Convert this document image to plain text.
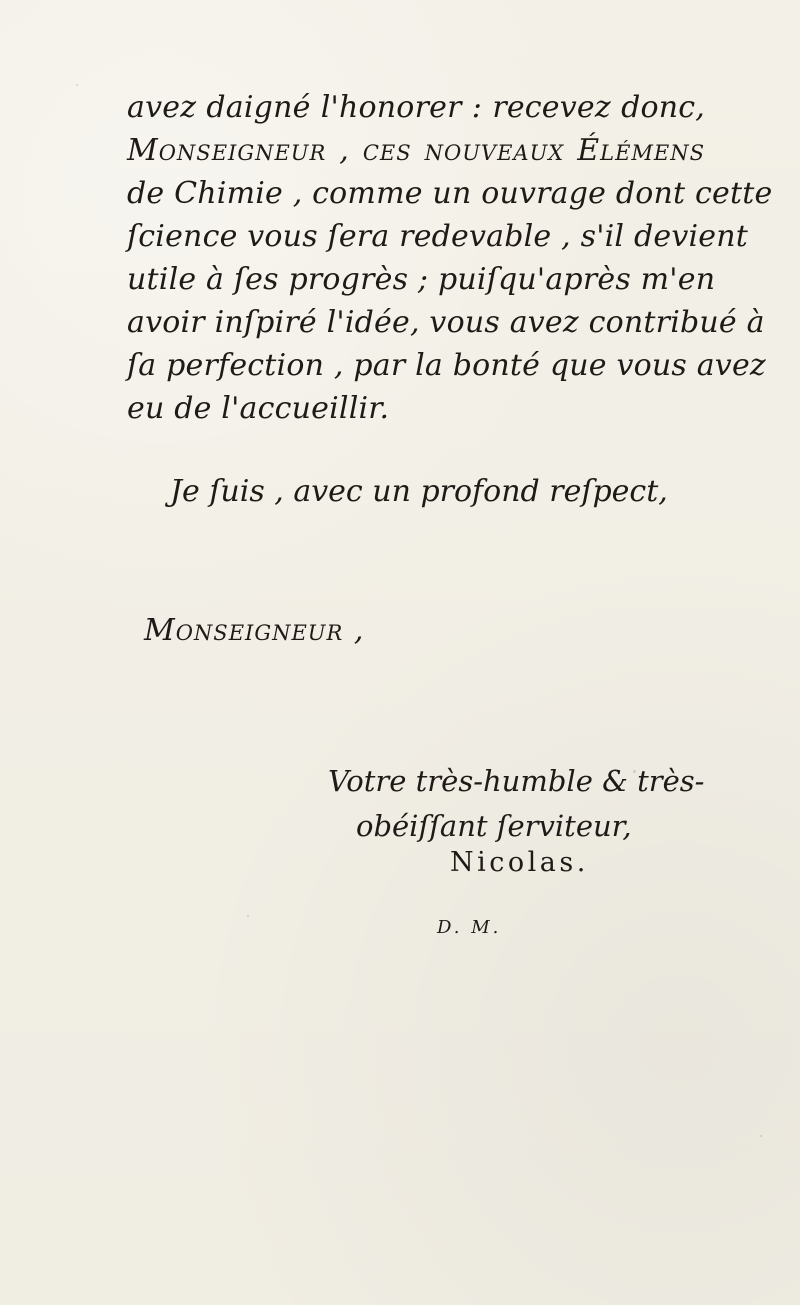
avez daigné l'honorer : recevez donc,
Monseigneur , ces nouveaux Élémens
de Chimie , comme un ouvrage dont cette
ſcience vous ſera redevable , s'il devient
utile à ſes progrès ; puiſqu'après m'en
avoir inſpiré l'idée, vous avez contribué à
ſa perfection , par la bonté que vous avez
eu de l'accueillir.
Je ſuis , avec un profond reſpect,
Monseigneur ,
Votre très-humble & très-
obéiſſant ſerviteur,
Nicolas.
D. M.
